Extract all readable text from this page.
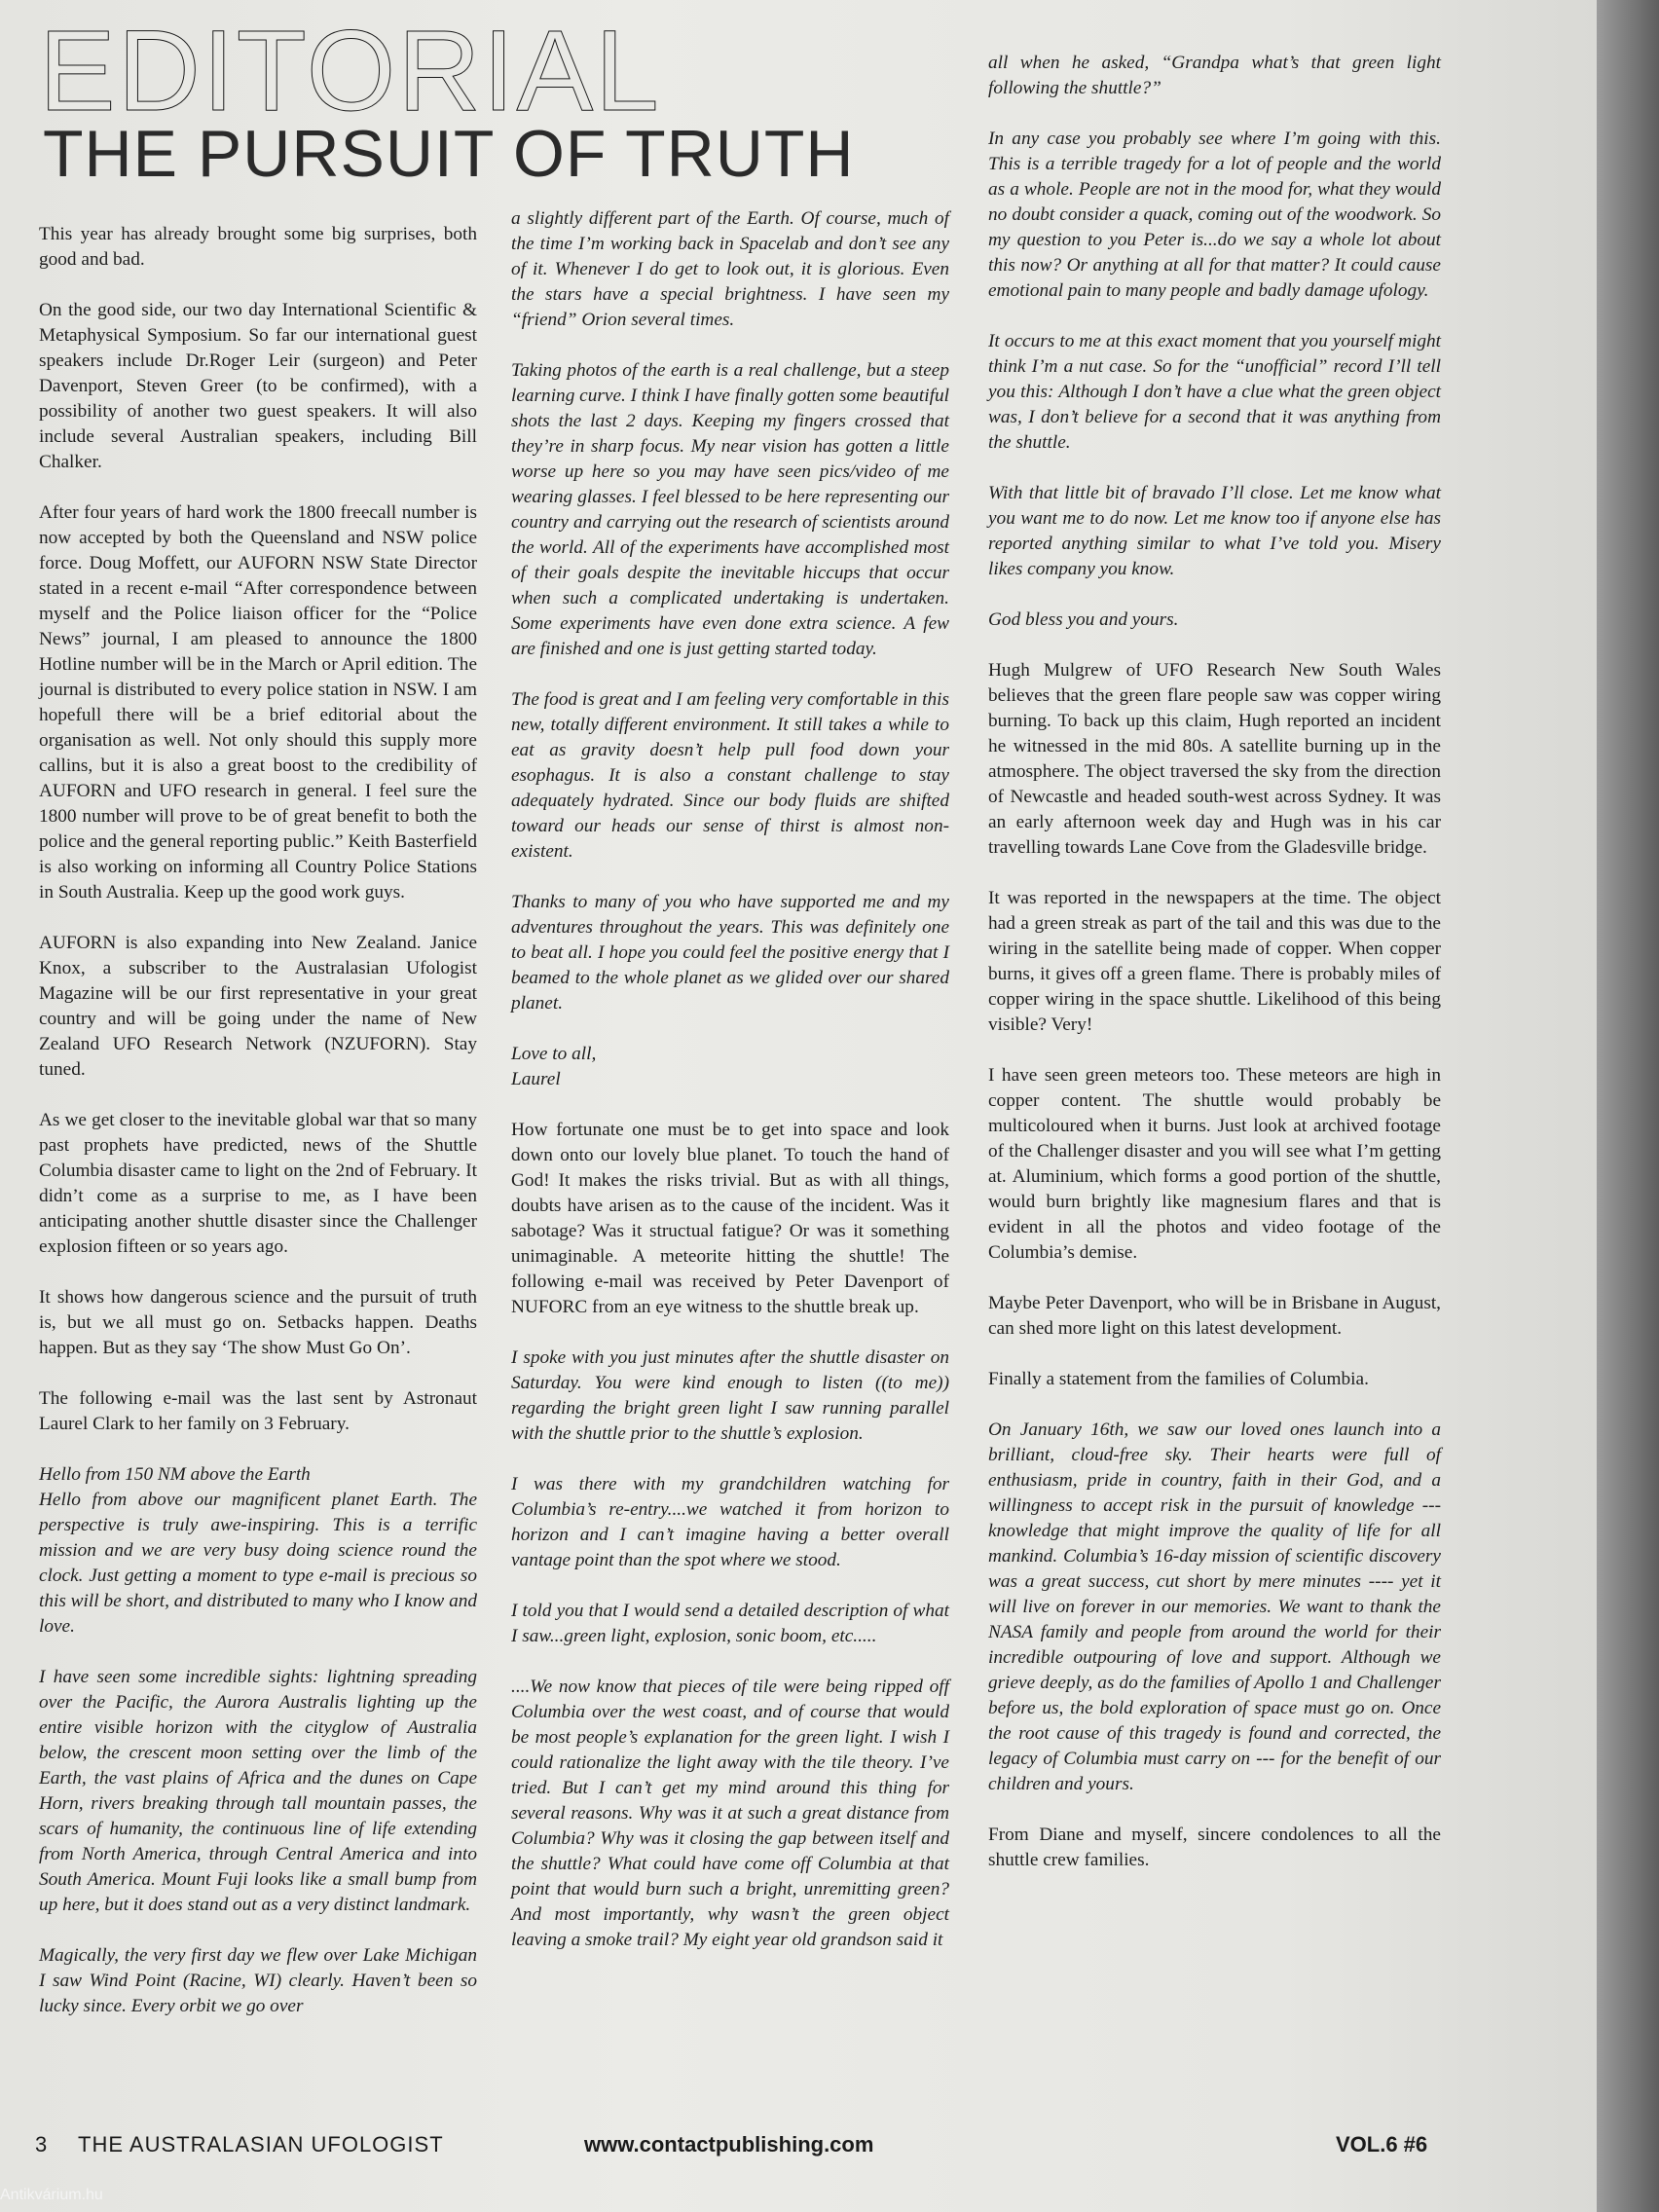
EDITORIAL
THE PURSUIT OF TRUTH

This year has already brought some big surprises, both good and bad.

On the good side, our two day International Scientific & Metaphysical Symposium. So far our international guest speakers include Dr.Roger Leir (surgeon) and Peter Davenport, Steven Greer (to be confirmed), with a possibility of another two guest speakers. It will also include several Australian speakers, including Bill Chalker.

After four years of hard work the 1800 freecall number is now accepted by both the Queensland and NSW police force. Doug Moffett, our AUFORN NSW State Director stated in a recent e-mail “After correspondence between myself and the Police liaison officer for the “Police News” journal, I am pleased to announce the 1800 Hotline number will be in the March or April edition. The journal is distributed to every police station in NSW. I am hopefull there will be a brief editorial about the organisation as well. Not only should this supply more callins, but it is also a great boost to the credibility of AUFORN and UFO research in general. I feel sure the 1800 number will prove to be of great benefit to both the police and the general reporting public.” Keith Basterfield is also working on informing all Country Police Stations in South Australia. Keep up the good work guys.

AUFORN is also expanding into New Zealand. Janice Knox, a subscriber to the Australasian Ufologist Magazine will be our first representative in your great country and will be going under the name of New Zealand UFO Research Network (NZUFORN). Stay tuned.

As we get closer to the inevitable global war that so many past prophets have predicted, news of the Shuttle Columbia disaster came to light on the 2nd of February. It didn’t come as a surprise to me, as I have been anticipating another shuttle disaster since the Challenger explosion fifteen or so years ago.

It shows how dangerous science and the pursuit of truth is, but we all must go on. Setbacks happen. Deaths happen. But as they say ‘The show Must Go On’.

The following e-mail was the last sent by Astronaut Laurel Clark to her family on 3 February.

Hello from 150 NM above the Earth

Hello from above our magnificent planet Earth. The perspective is truly awe-inspiring. This is a terrific mission and we are very busy doing science round the clock. Just getting a moment to type e-mail is precious so this will be short, and distributed to many who I know and love.

I have seen some incredible sights: lightning spreading over the Pacific, the Aurora Australis lighting up the entire visible horizon with the cityglow of Australia below, the crescent moon setting over the limb of the Earth, the vast plains of Africa and the dunes on Cape Horn, rivers breaking through tall mountain passes, the scars of humanity, the continuous line of life extending from North America, through Central America and into South America. Mount Fuji looks like a small bump from up here, but it does stand out as a very distinct landmark.

Magically, the very first day we flew over Lake Michigan I saw Wind Point (Racine, WI) clearly. Haven’t been so lucky since. Every orbit we go over

a slightly different part of the Earth. Of course, much of the time I’m working back in Spacelab and don’t see any of it. Whenever I do get to look out, it is glorious. Even the stars have a special brightness. I have seen my “friend” Orion several times.

Taking photos of the earth is a real challenge, but a steep learning curve. I think I have finally gotten some beautiful shots the last 2 days. Keeping my fingers crossed that they’re in sharp focus. My near vision has gotten a little worse up here so you may have seen pics/video of me wearing glasses. I feel blessed to be here representing our country and carrying out the research of scientists around the world. All of the experiments have accomplished most of their goals despite the inevitable hiccups that occur when such a complicated undertaking is undertaken. Some experiments have even done extra science. A few are finished and one is just getting started today.

The food is great and I am feeling very comfortable in this new, totally different environment. It still takes a while to eat as gravity doesn’t help pull food down your esophagus. It is also a constant challenge to stay adequately hydrated. Since our body fluids are shifted toward our heads our sense of thirst is almost non-existent.

Thanks to many of you who have supported me and my adventures throughout the years. This was definitely one to beat all. I hope you could feel the positive energy that I beamed to the whole planet as we glided over our shared planet.

Love to all,

Laurel

How fortunate one must be to get into space and look down onto our lovely blue planet. To touch the hand of God! It makes the risks trivial. But as with all things, doubts have arisen as to the cause of the incident. Was it sabotage? Was it structual fatigue? Or was it something unimaginable. A meteorite hitting the shuttle! The following e-mail was received by Peter Davenport of NUFORC from an eye witness to the shuttle break up.

I spoke with you just minutes after the shuttle disaster on Saturday. You were kind enough to listen ((to me)) regarding the bright green light I saw running parallel with the shuttle prior to the shuttle’s explosion.

I was there with my grandchildren watching for Columbia’s re-entry....we watched it from horizon to horizon and I can’t imagine having a better overall vantage point than the spot where we stood.

I told you that I would send a detailed description of what I saw...green light, explosion, sonic boom, etc.....

....We now know that pieces of tile were being ripped off Columbia over the west coast, and of course that would be most people’s explanation for the green light. I wish I could rationalize the light away with the tile theory. I’ve tried. But I can’t get my mind around this thing for several reasons. Why was it at such a great distance from Columbia? Why was it closing the gap between itself and the shuttle? What could have come off Columbia at that point that would burn such a bright, unremitting green? And most importantly, why wasn’t the green object leaving a smoke trail? My eight year old grandson said it

all when he asked, “Grandpa what’s that green light following the shuttle?”

In any case you probably see where I’m going with this. This is a terrible tragedy for a lot of people and the world as a whole. People are not in the mood for, what they would no doubt consider a quack, coming out of the woodwork. So my question to you Peter is...do we say a whole lot about this now? Or anything at all for that matter? It could cause emotional pain to many people and badly damage ufology.

It occurs to me at this exact moment that you yourself might think I’m a nut case. So for the “unofficial” record I’ll tell you this: Although I don’t have a clue what the green object was, I don’t believe for a second that it was anything from the shuttle.

With that little bit of bravado I’ll close. Let me know what you want me to do now. Let me know too if anyone else has reported anything similar to what I’ve told you. Misery likes company you know.

God bless you and yours.

Hugh Mulgrew of UFO Research New South Wales believes that the green flare people saw was copper wiring burning. To back up this claim, Hugh reported an incident he witnessed in the mid 80s. A satellite burning up in the atmosphere. The object traversed the sky from the direction of Newcastle and headed south-west across Sydney. It was an early afternoon week day and Hugh was in his car travelling towards Lane Cove from the Gladesville bridge.

It was reported in the newspapers at the time. The object had a green streak as part of the tail and this was due to the wiring in the satellite being made of copper. When copper burns, it gives off a green flame. There is probably miles of copper wiring in the space shuttle. Likelihood of this being visible? Very!

I have seen green meteors too. These meteors are high in copper content. The shuttle would probably be multicoloured when it burns. Just look at archived footage of the Challenger disaster and you will see what I’m getting at. Aluminium, which forms a good portion of the shuttle, would burn brightly like magnesium flares and that is evident in all the photos and video footage of the Columbia’s demise.

Maybe Peter Davenport, who will be in Brisbane in August, can shed more light on this latest development.

Finally a statement from the families of Columbia.

On January 16th, we saw our loved ones launch into a brilliant, cloud-free sky. Their hearts were full of enthusiasm, pride in country, faith in their God, and a willingness to accept risk in the pursuit of knowledge --- knowledge that might improve the quality of life for all mankind. Columbia’s 16-day mission of scientific discovery was a great success, cut short by mere minutes ---- yet it will live on forever in our memories. We want to thank the NASA family and people from around the world for their incredible outpouring of love and support. Although we grieve deeply, as do the families of Apollo 1 and Challenger before us, the bold exploration of space must go on. Once the root cause of this tragedy is found and corrected, the legacy of Columbia must carry on --- for the benefit of our children and yours.

From Diane and myself, sincere condolences to all the shuttle crew families.

3 THE AUSTRALASIAN UFOLOGIST	www.contactpublishing.com	VOL.6 #6
Antikvárium.hu
